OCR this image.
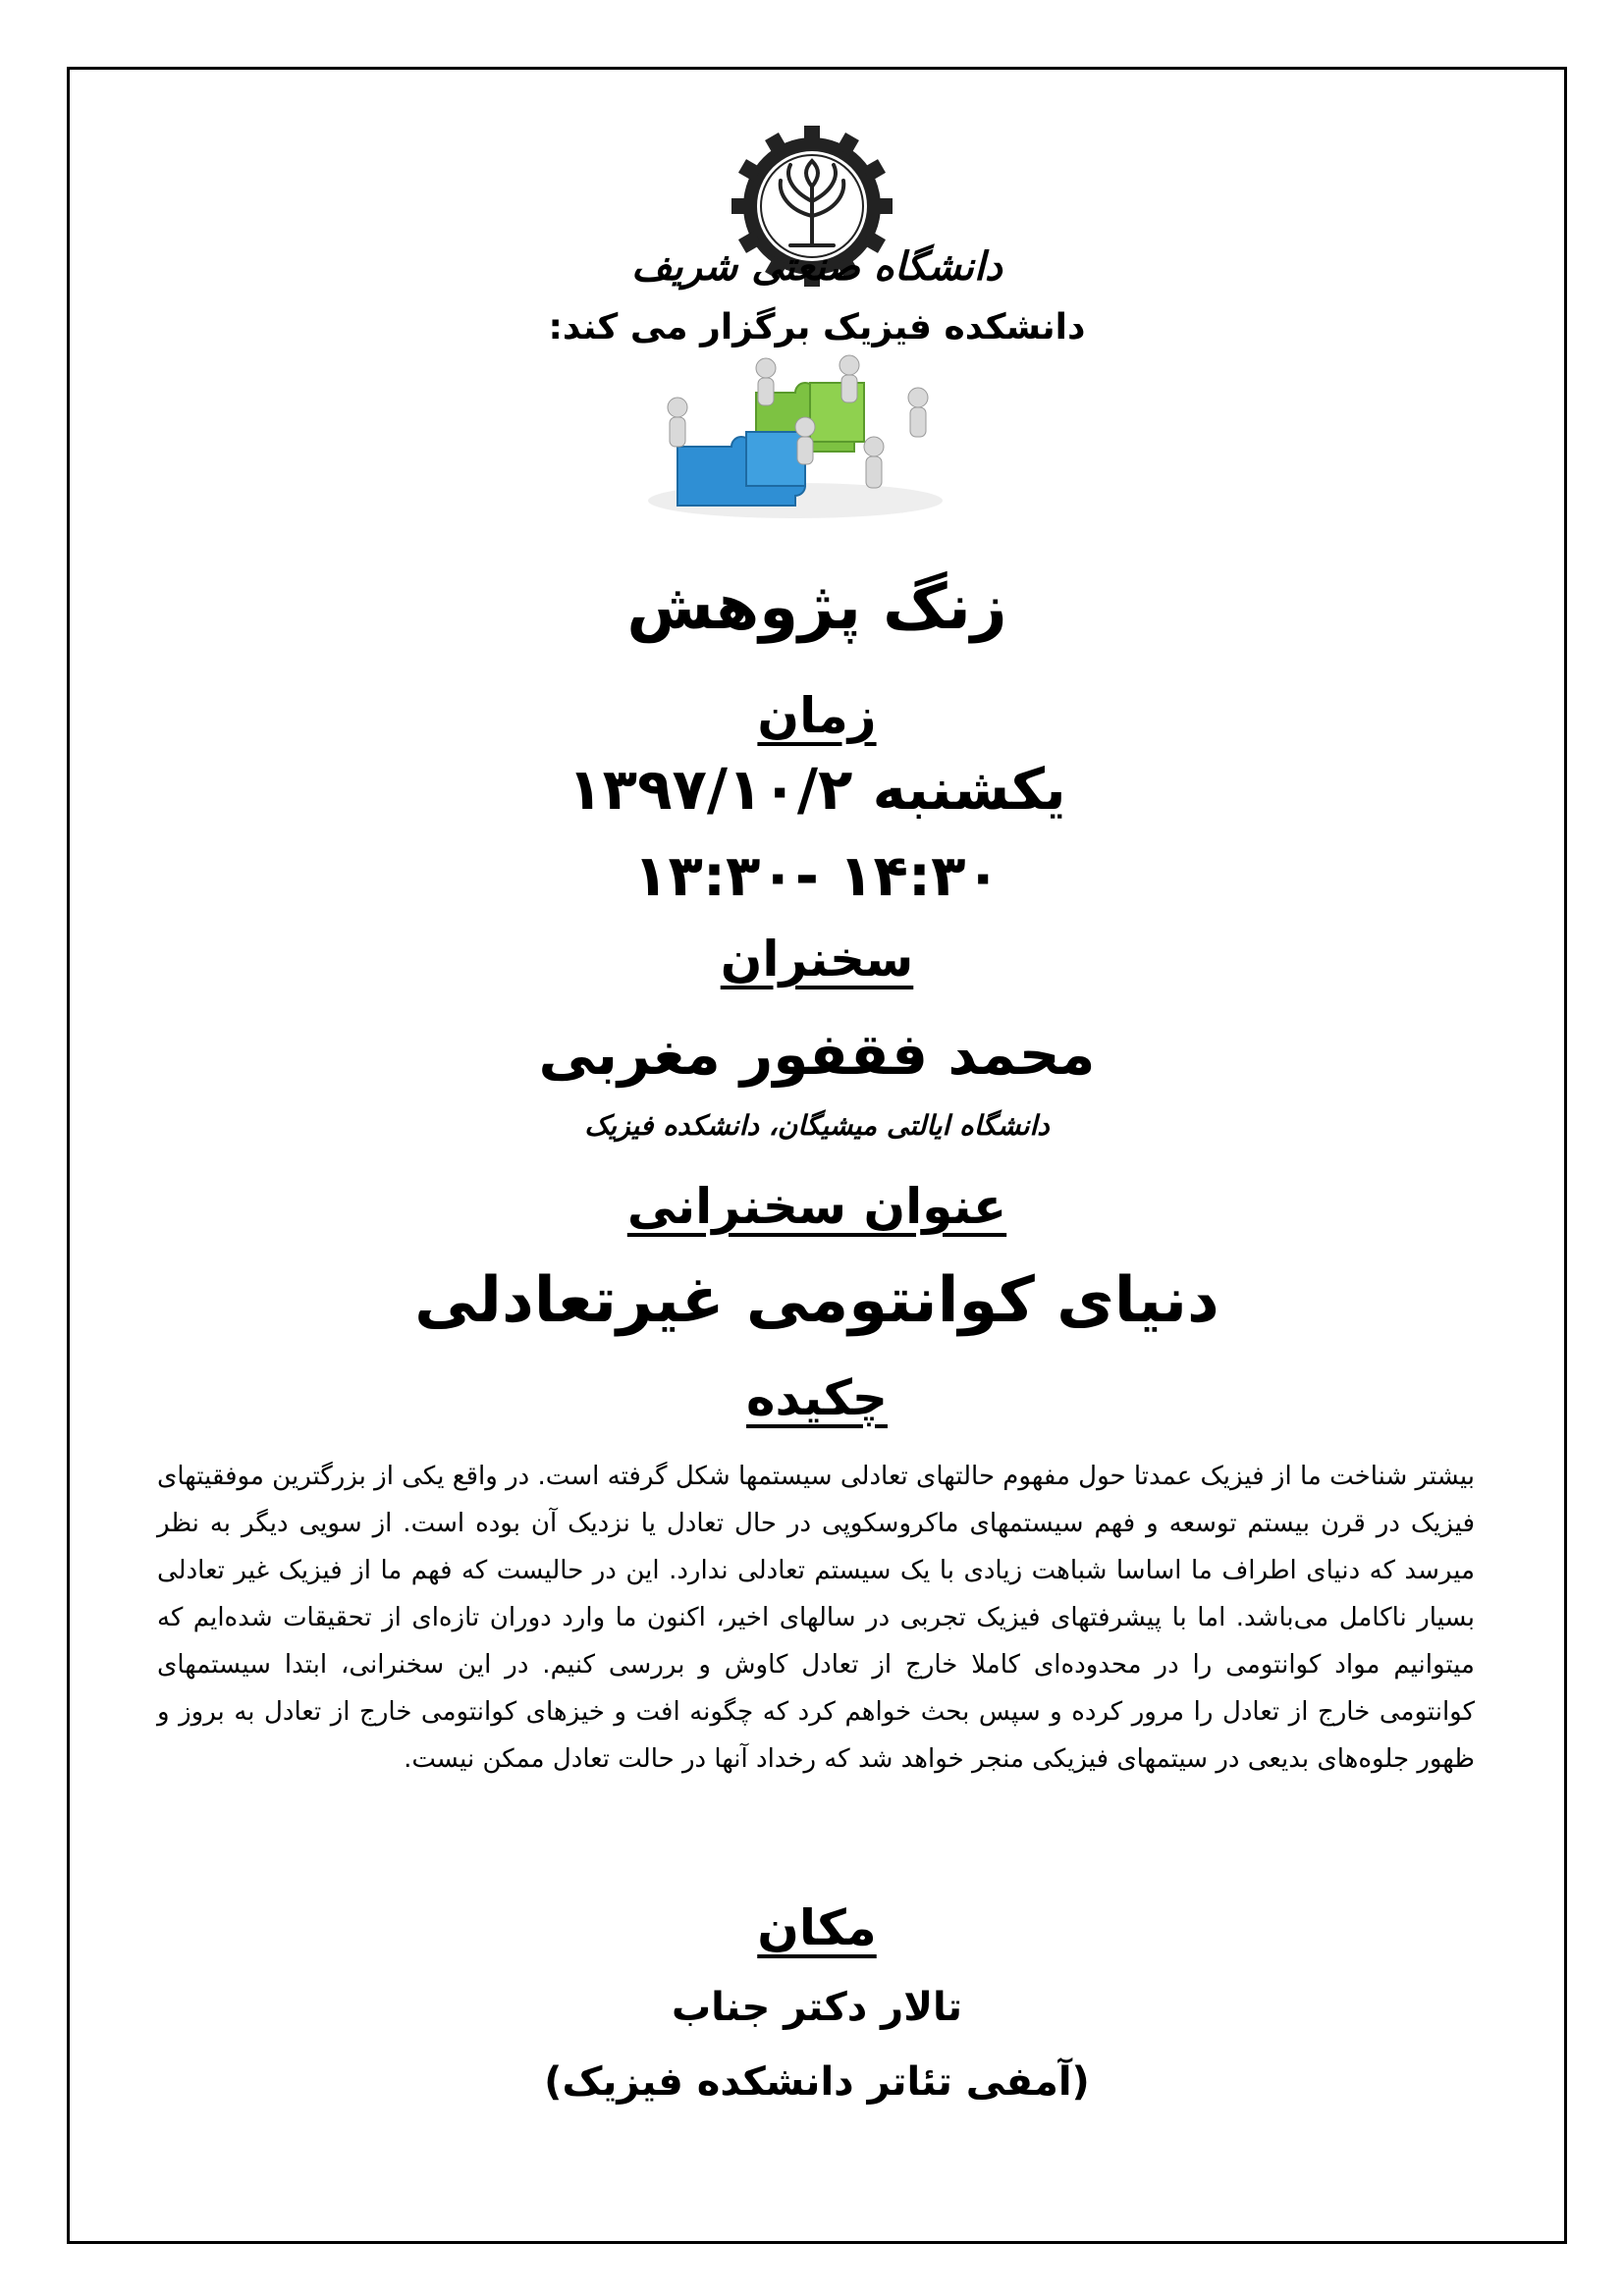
دانشگاه صنعتی شریف
دانشکده فیزیک برگزار می کند:
زنگ پژوهش
زمان
یکشنبه ۱۳۹۷/۱۰/۲
۱۴:۳۰ -۱۳:۳۰
سخنران
محمد فقفور مغربی
دانشگاه ایالتی میشیگان، دانشکده فیزیک
عنوان سخنرانی
دنیای کوانتومی غیرتعادلی
چکیده
بیشتر شناخت ما از فیزیک عمدتا حول مفهوم حالتهای تعادلی سیستمها شکل گرفته است. در واقع یکی از بزرگترین موفقیتهای فیزیک در قرن بیستم توسعه و فهم سیستمهای ماکروسکوپی در حال تعادل یا نزدیک آن بوده است. از سویی دیگر به نظر میرسد که دنیای اطراف ما اساسا شباهت زیادی با یک سیستم تعادلی ندارد. این در حالیست که فهم ما از فیزیک غیر تعادلی بسیار ناکامل می‌باشد. اما با پیشرفتهای فیزیک تجربی در سالهای اخیر، اکنون ما وارد دوران تازه‌ای از تحقیقات شده‌ایم که میتوانیم مواد کوانتومی را در محدوده‌ای کاملا خارج از تعادل کاوش و بررسی کنیم. در این سخنرانی، ابتدا سیستمهای کوانتومی خارج از تعادل را مرور کرده و سپس بحث خواهم کرد که چگونه افت و خیزهای کوانتومی خارج از تعادل به بروز و ظهور جلوه‌های بدیعی در سیتمهای فیزیکی منجر خواهد شد که رخداد آنها در حالت تعادل ممکن نیست.
مکان
تالار دکتر جناب
(آمفی تئاتر دانشکده فیزیک)
